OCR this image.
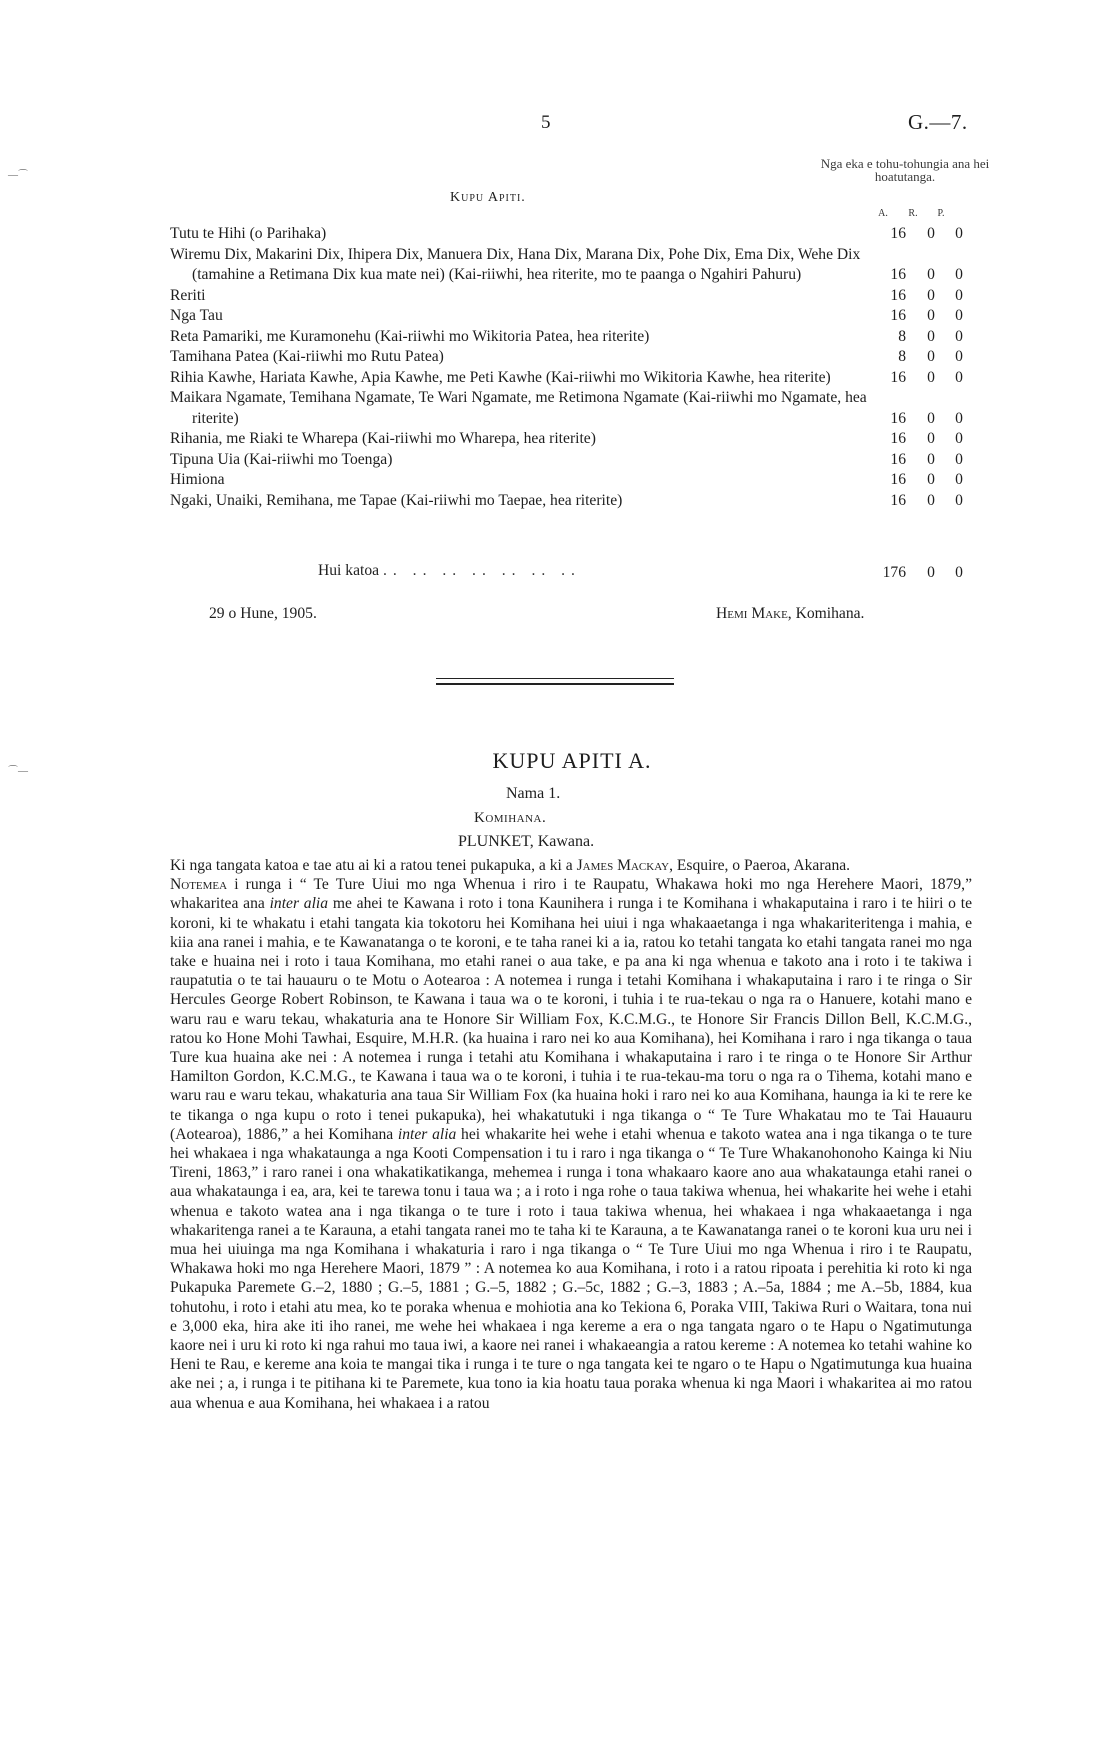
5	G.—7.
Nga eka e tohu-tohungia ana hei hoatutanga.
Kupu Apiti.
A.	R.	P.
Tutu te Hihi (o Parihaka)	16	0	0
Wiremu Dix, Makarini Dix, Ihipera Dix, Manuera Dix, Hana Dix, Marana Dix, Pohe Dix, Ema Dix, Wehe Dix (tamahine a Retimana Dix kua mate nei) (Kai-riiwhi, hea riterite, mo te paanga o Ngahiri Pahuru)	16	0	0
Reriti	16	0	0
Nga Tau	16	0	0
Reta Pamariki, me Kuramonehu (Kai-riiwhi mo Wikitoria Patea, hea riterite)	8	0	0
Tamihana Patea (Kai-riiwhi mo Rutu Patea)	8	0	0
Rihia Kawhe, Hariata Kawhe, Apia Kawhe, me Peti Kawhe (Kai-riiwhi mo Wikitoria Kawhe, hea riterite)	16	0	0
Maikara Ngamate, Temihana Ngamate, Te Wari Ngamate, me Retimona Ngamate (Kai-riiwhi mo Ngamate, hea riterite)	16	0	0
Rihania, me Riaki te Wharepa (Kai-riiwhi mo Wharepa, hea riterite)	16	0	0
Tipuna Uia (Kai-riiwhi mo Toenga)	16	0	0
Himiona	16	0	0
Ngaki, Unaiki, Remihana, me Tapae (Kai-riiwhi mo Taepae, hea riterite)	16	0	0
Hui katoa .. .. .. .. .. .. ..	176	0	0
29 o Hune, 1905.	Hemi Make, Komihana.
KUPU APITI A.
Nama 1.
Komihana.
PLUNKET, Kawana.

Ki nga tangata katoa e tae atu ai ki a ratou tenei pukapuka, a ki a James Mackay, Esquire, o Paeroa, Akarana.

Notemea i runga i “ Te Ture Uiui mo nga Whenua i riro i te Raupatu, Whakawa hoki mo nga Herehere Maori, 1879,” whakaritea ana inter alia me ahei te Kawana i roto i tona Kaunihera i runga i te Komihana i whakaputaina i raro i te hiiri o te koroni, ki te whakatu i etahi tangata kia tokotoru hei Komihana hei uiui i nga whakaaetanga i nga whakariteritenga i mahia, e kiia ana ranei i mahia, e te Kawanatanga o te koroni, e te taha ranei ki a ia, ratou ko tetahi tangata ko etahi tangata ranei mo nga take e huaina nei i roto i taua Komihana, mo etahi ranei o aua take, e pa ana ki nga whenua e takoto ana i roto i te takiwa i raupatutia o te tai hauauru o te Motu o Aotearoa : A notemea i runga i tetahi Komihana i whakaputaina i raro i te ringa o Sir Hercules George Robert Robinson, te Kawana i taua wa o te koroni, i tuhia i te rua-tekau o nga ra o Hanuere, kotahi mano e waru rau e waru tekau, whakaturia ana te Honore Sir William Fox, K.C.M.G., te Honore Sir Francis Dillon Bell, K.C.M.G., ratou ko Hone Mohi Tawhai, Esquire, M.H.R. (ka huaina i raro nei ko aua Komihana), hei Komihana i raro i nga tikanga o taua Ture kua huaina ake nei : A notemea i runga i tetahi atu Komihana i whakaputaina i raro i te ringa o te Honore Sir Arthur Hamilton Gordon, K.C.M.G., te Kawana i taua wa o te koroni, i tuhia i te rua-tekau-ma toru o nga ra o Tihema, kotahi mano e waru rau e waru tekau, whakaturia ana taua Sir William Fox (ka huaina hoki i raro nei ko aua Komihana, haunga ia ki te rere ke te tikanga o nga kupu o roto i tenei pukapuka), hei whakatutuki i nga tikanga o “ Te Ture Whakatau mo te Tai Hauauru (Aotearoa), 1886,” a hei Komihana inter alia hei whakarite hei wehe i etahi whenua e takoto watea ana i nga tikanga o te ture hei whakaea i nga whakataunga a nga Kooti Compensation i tu i raro i nga tikanga o “ Te Ture Whakanohonoho Kainga ki Niu Tireni, 1863,” i raro ranei i ona whakatikatikanga, mehemea i runga i tona whakaaro kaore ano aua whakataunga etahi ranei o aua whakataunga i ea, ara, kei te tarewa tonu i taua wa ; a i roto i nga rohe o taua takiwa whenua, hei whakarite hei wehe i etahi whenua e takoto watea ana i nga tikanga o te ture i roto i taua takiwa whenua, hei whakaea i nga whakaaetanga i nga whakaritenga ranei a te Karauna, a etahi tangata ranei mo te taha ki te Karauna, a te Kawanatanga ranei o te koroni kua uru nei i mua hei uiuinga ma nga Komihana i whakaturia i raro i nga tikanga o “ Te Ture Uiui mo nga Whenua i riro i te Raupatu, Whakawa hoki mo nga Herehere Maori, 1879 ” : A notemea ko aua Komihana, i roto i a ratou ripoata i perehitia ki roto ki nga Pukapuka Paremete G.–2, 1880 ; G.–5, 1881 ; G.–5, 1882 ; G.–5c, 1882 ; G.–3, 1883 ; A.–5a, 1884 ; me A.–5b, 1884, kua tohutohu, i roto i etahi atu mea, ko te poraka whenua e mohiotia ana ko Tekiona 6, Poraka VIII, Takiwa Ruri o Waitara, tona nui e 3,000 eka, hira ake iti iho ranei, me wehe hei whakaea i nga kereme a era o nga tangata ngaro o te Hapu o Ngatimutunga kaore nei i uru ki roto ki nga rahui mo taua iwi, a kaore nei ranei i whakaeangia a ratou kereme : A notemea ko tetahi wahine ko Heni te Rau, e kereme ana koia te mangai tika i runga i te ture o nga tangata kei te ngaro o te Hapu o Ngatimutunga kua huaina ake nei ; a, i runga i te pitihana ki te Paremete, kua tono ia kia hoatu taua poraka whenua ki nga Maori i whakaritea ai mo ratou aua whenua e aua Komihana, hei whakaea i a ratou

—⌒
⌒—
